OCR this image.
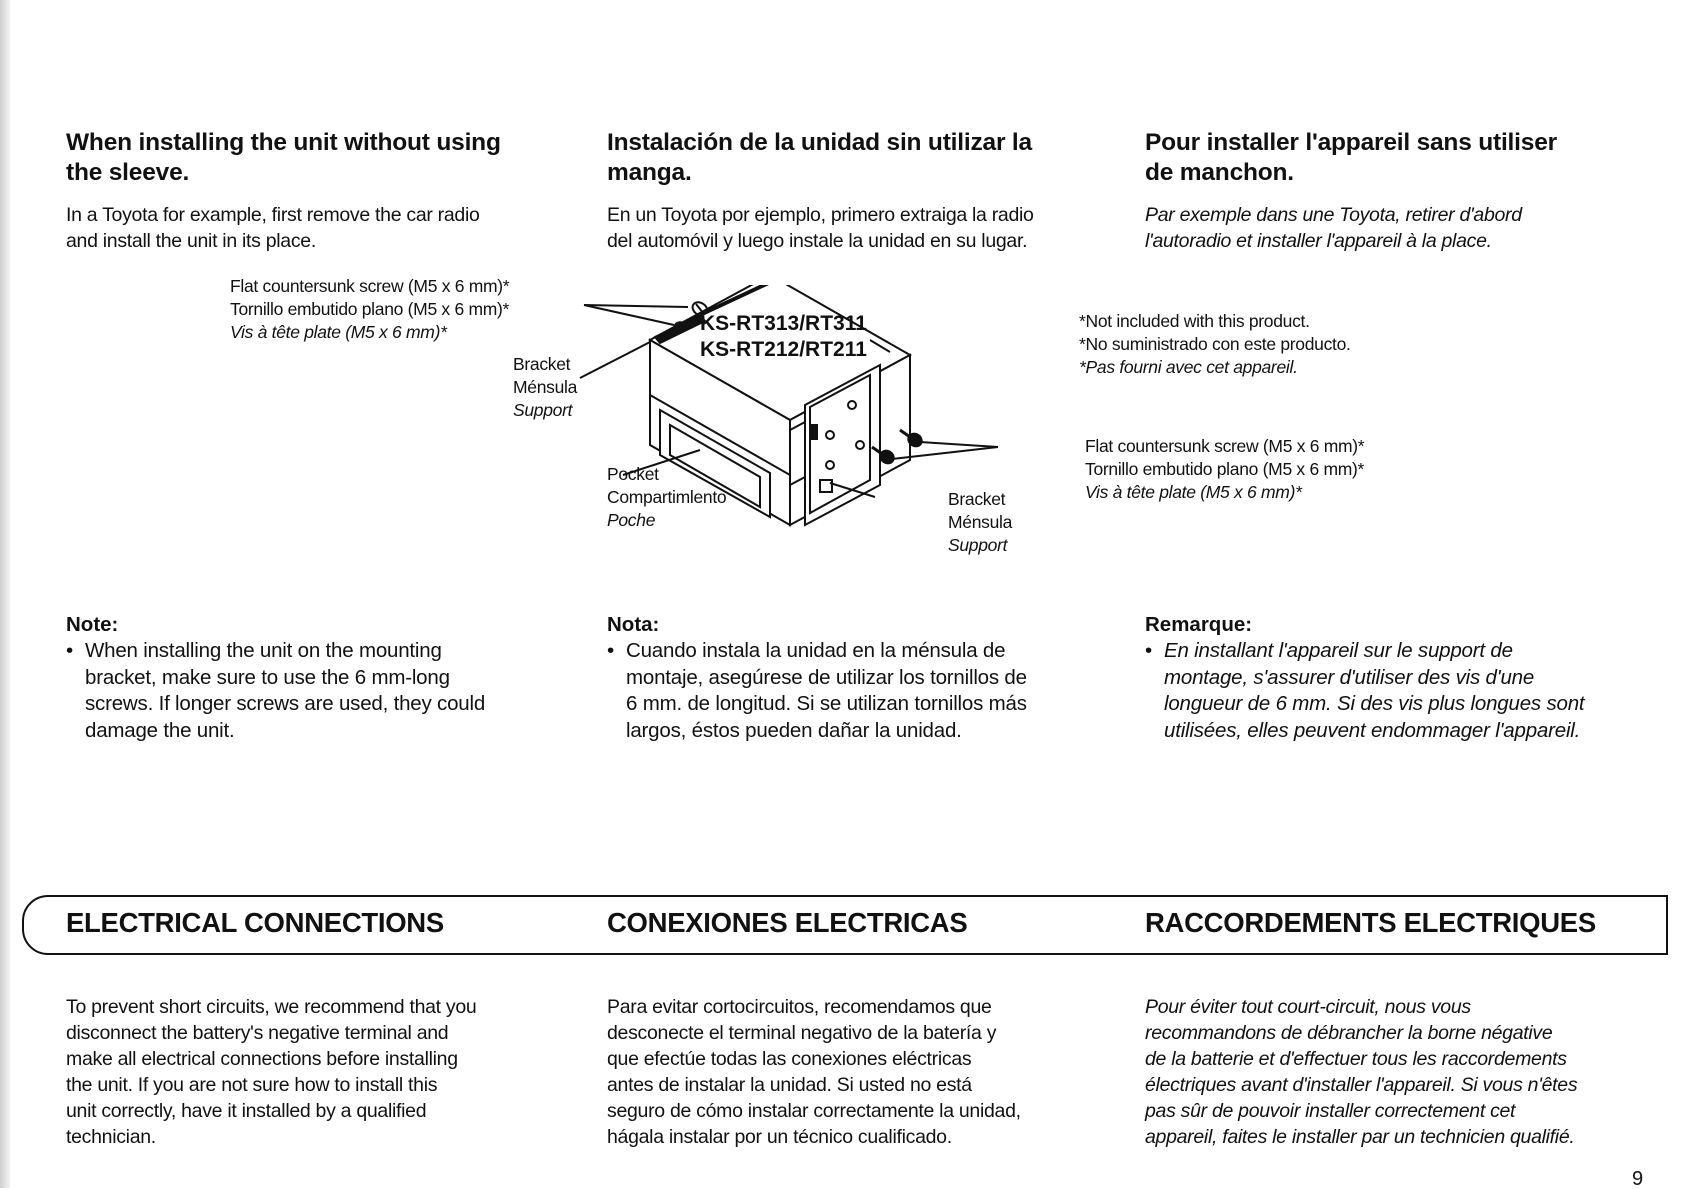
When installing the unit without using
the sleeve.

In a Toyota for example, first remove the car radio
and install the unit in its place.

Instalación de la unidad sin utilizar la
manga.

En un Toyota por ejemplo, primero extraiga la radio
del automóvil y luego instale la unidad en su lugar.

Pour installer l'appareil sans utiliser
de manchon.

Par exemple dans une Toyota, retirer d'abord
l'autoradio et installer l'appareil à la place.

Flat countersunk screw (M5 x 6 mm)*
Tornillo embutido plano (M5 x 6 mm)*
Vis à tête plate (M5 x 6 mm)*
Bracket
Ménsula
Support
KS-RT313/RT311
KS-RT212/RT211
Pocket
Compartimlento
Poche
Bracket
Ménsula
Support
*Not included with this product.
*No suministrado con este producto.
*Pas fourni avec cet appareil.
Flat countersunk screw (M5 x 6 mm)*
Tornillo embutido plano (M5 x 6 mm)*
Vis à tête plate (M5 x 6 mm)*
Note:
• When installing the unit on the mounting
bracket, make sure to use the 6 mm-long
screws. If longer screws are used, they could
damage the unit.
Nota:
• Cuando instala la unidad en la ménsula de
montaje, asegúrese de utilizar los tornillos de
6 mm. de longitud. Si se utilizan tornillos más
largos, éstos pueden dañar la unidad.
Remarque:
• En installant l'appareil sur le support de
montage, s'assurer d'utiliser des vis d'une
longueur de 6 mm. Si des vis plus longues sont
utilisées, elles peuvent endommager l'appareil.
ELECTRICAL CONNECTIONS	CONEXIONES ELECTRICAS	RACCORDEMENTS ELECTRIQUES

To prevent short circuits, we recommend that you
disconnect the battery's negative terminal and
make all electrical connections before installing
the unit. If you are not sure how to install this
unit correctly, have it installed by a qualified
technician.

Para evitar cortocircuitos, recomendamos que
desconecte el terminal negativo de la batería y
que efectúe todas las conexiones eléctricas
antes de instalar la unidad. Si usted no está
seguro de cómo instalar correctamente la unidad,
hágala instalar por un técnico cualificado.

Pour éviter tout court-circuit, nous vous
recommandons de débrancher la borne négative
de la batterie et d'effectuer tous les raccordements
électriques avant d'installer l'appareil. Si vous n'êtes
pas sûr de pouvoir installer correctement cet
appareil, faites le installer par un technicien qualifié.

9
